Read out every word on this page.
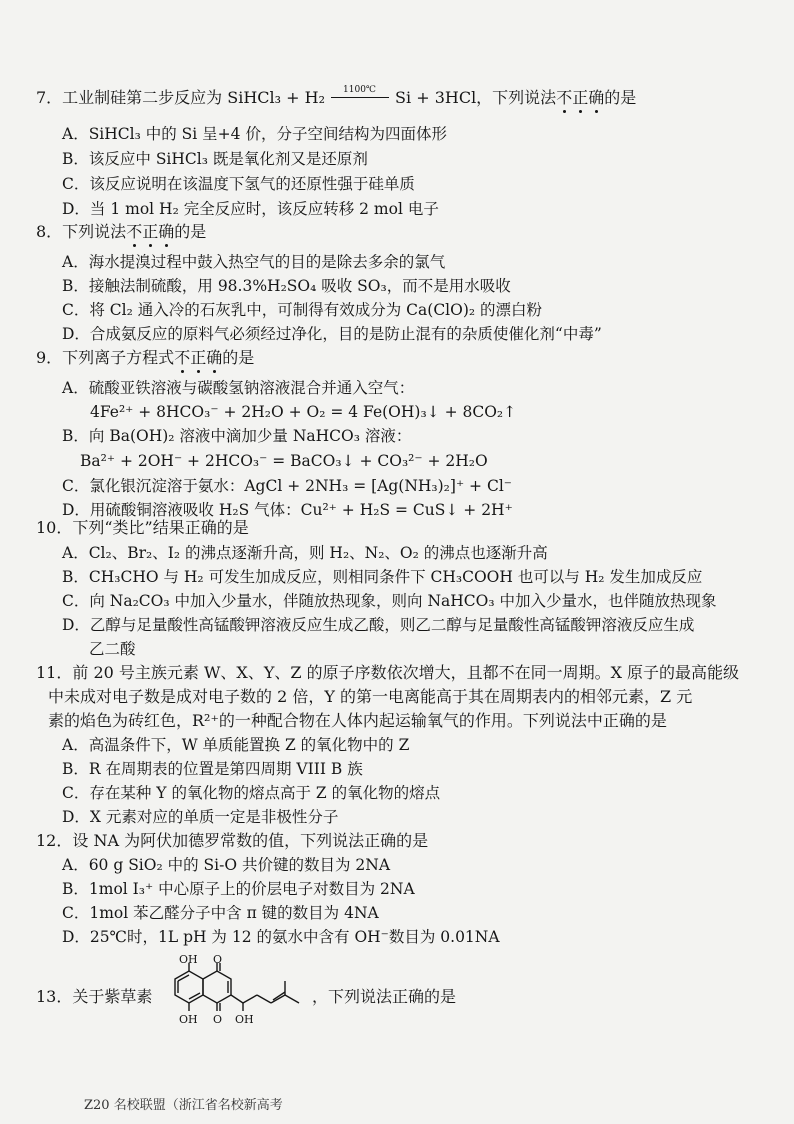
7．工业制硅第二步反应为 SiHCl₃ + H₂ 1100℃ Si + 3HCl，下列说法不正确的是
A．SiHCl₃ 中的 Si 呈+4 价，分子空间结构为四面体形
B．该反应中 SiHCl₃ 既是氧化剂又是还原剂
C．该反应说明在该温度下氢气的还原性强于硅单质
D．当 1 mol H₂ 完全反应时，该反应转移 2 mol 电子
8．下列说法不正确的是
A．海水提溴过程中鼓入热空气的目的是除去多余的氯气
B．接触法制硫酸，用 98.3%H₂SO₄ 吸收 SO₃，而不是用水吸收
C．将 Cl₂ 通入冷的石灰乳中，可制得有效成分为 Ca(ClO)₂ 的漂白粉
D．合成氨反应的原料气必须经过净化，目的是防止混有的杂质使催化剂“中毒”
9．下列离子方程式不正确的是
A．硫酸亚铁溶液与碳酸氢钠溶液混合并通入空气：
4Fe²⁺ + 8HCO₃⁻ + 2H₂O + O₂ = 4 Fe(OH)₃↓ + 8CO₂↑
B．向 Ba(OH)₂ 溶液中滴加少量 NaHCO₃ 溶液：
Ba²⁺ + 2OH⁻ + 2HCO₃⁻ = BaCO₃↓ + CO₃²⁻ + 2H₂O
C．氯化银沉淀溶于氨水：AgCl + 2NH₃ = [Ag(NH₃)₂]⁺ + Cl⁻
D．用硫酸铜溶液吸收 H₂S 气体：Cu²⁺ + H₂S = CuS↓ + 2H⁺
10．下列“类比”结果正确的是
A．Cl₂、Br₂、I₂ 的沸点逐渐升高，则 H₂、N₂、O₂ 的沸点也逐渐升高
B．CH₃CHO 与 H₂ 可发生加成反应，则相同条件下 CH₃COOH 也可以与 H₂ 发生加成反应
C．向 Na₂CO₃ 中加入少量水，伴随放热现象，则向 NaHCO₃ 中加入少量水，也伴随放热现象
D．乙醇与足量酸性高锰酸钾溶液反应生成乙酸，则乙二醇与足量酸性高锰酸钾溶液反应生成
乙二酸
11．前 20 号主族元素 W、X、Y、Z 的原子序数依次增大，且都不在同一周期。X 原子的最高能级
中未成对电子数是成对电子数的 2 倍，Y 的第一电离能高于其在周期表内的相邻元素，Z 元
素的焰色为砖红色，R²⁺的一种配合物在人体内起运输氧气的作用。下列说法中正确的是
A．高温条件下，W 单质能置换 Z 的氧化物中的 Z
B．R 在周期表的位置是第四周期 VIII B 族
C．存在某种 Y 的氧化物的熔点高于 Z 的氧化物的熔点
D．X 元素对应的单质一定是非极性分子
12．设 NA 为阿伏加德罗常数的值，下列说法正确的是
A．60 g SiO₂ 中的 Si-O 共价键的数目为 2NA
B．1mol I₃⁺ 中心原子上的价层电子对数目为 2NA
C．1mol 苯乙醛分子中含 π 键的数目为 4NA
D．25℃时，1L pH 为 12 的氨水中含有 OH⁻数目为 0.01NA
13．关于紫草素	，下列说法正确的是
OH O
OH O OH
Z20 名校联盟（浙江省名校新高考
